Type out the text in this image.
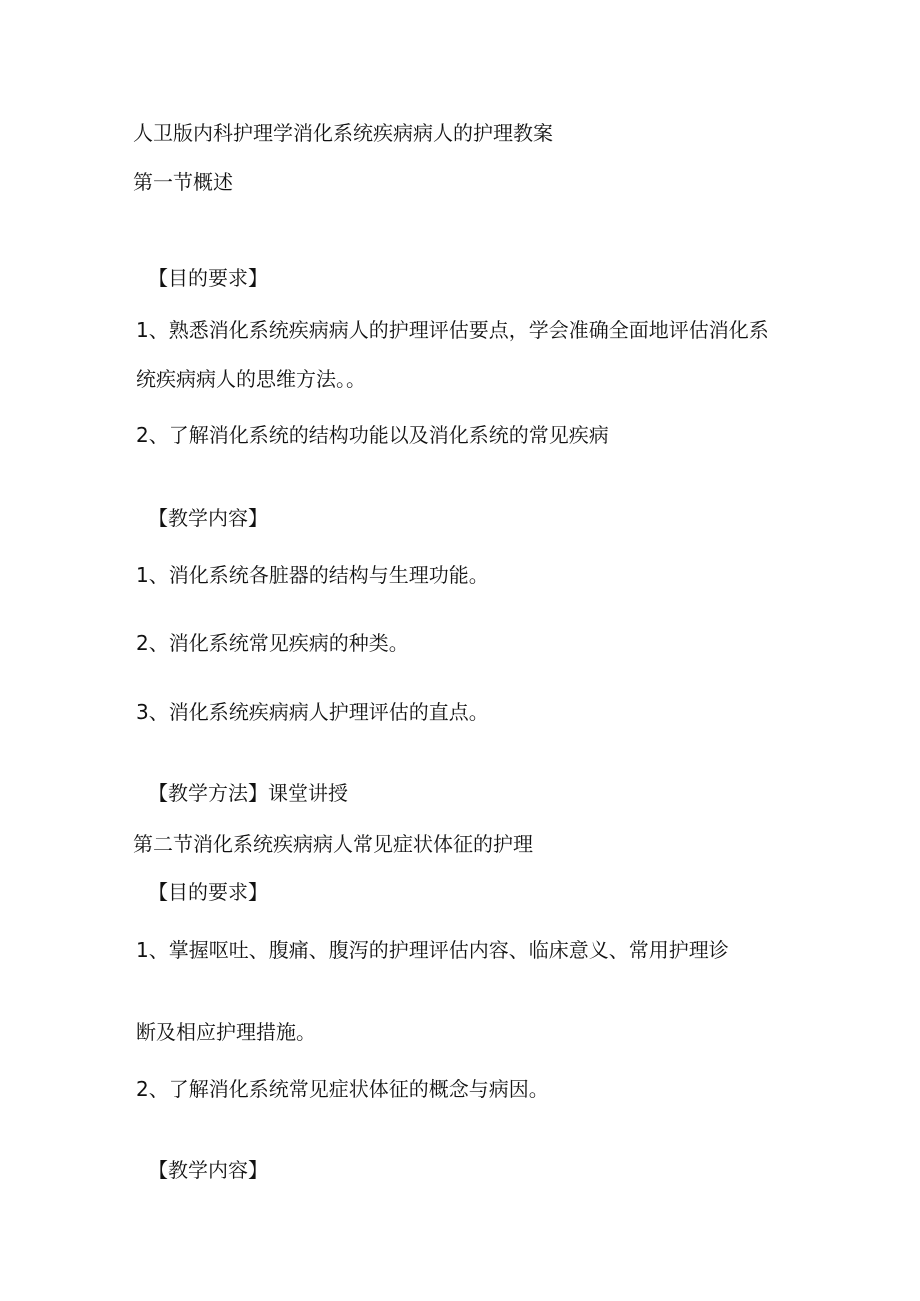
人卫版内科护理学消化系统疾病病人的护理教案
第一节概述
【目的要求】
1、熟悉消化系统疾病病人的护理评估要点，学会准确全面地评估消化系
统疾病病人的思维方法。。
2、了解消化系统的结构功能以及消化系统的常见疾病
【教学内容】
1、消化系统各脏器的结构与生理功能。
2、消化系统常见疾病的种类。
3、消化系统疾病病人护理评估的直点。
【教学方法】课堂讲授
第二节消化系统疾病病人常见症状体征的护理
【目的要求】
1、掌握呕吐、腹痛、腹泻的护理评估内容、临床意义、常用护理诊
断及相应护理措施。
2、了解消化系统常见症状体征的概念与病因。
【教学内容】
